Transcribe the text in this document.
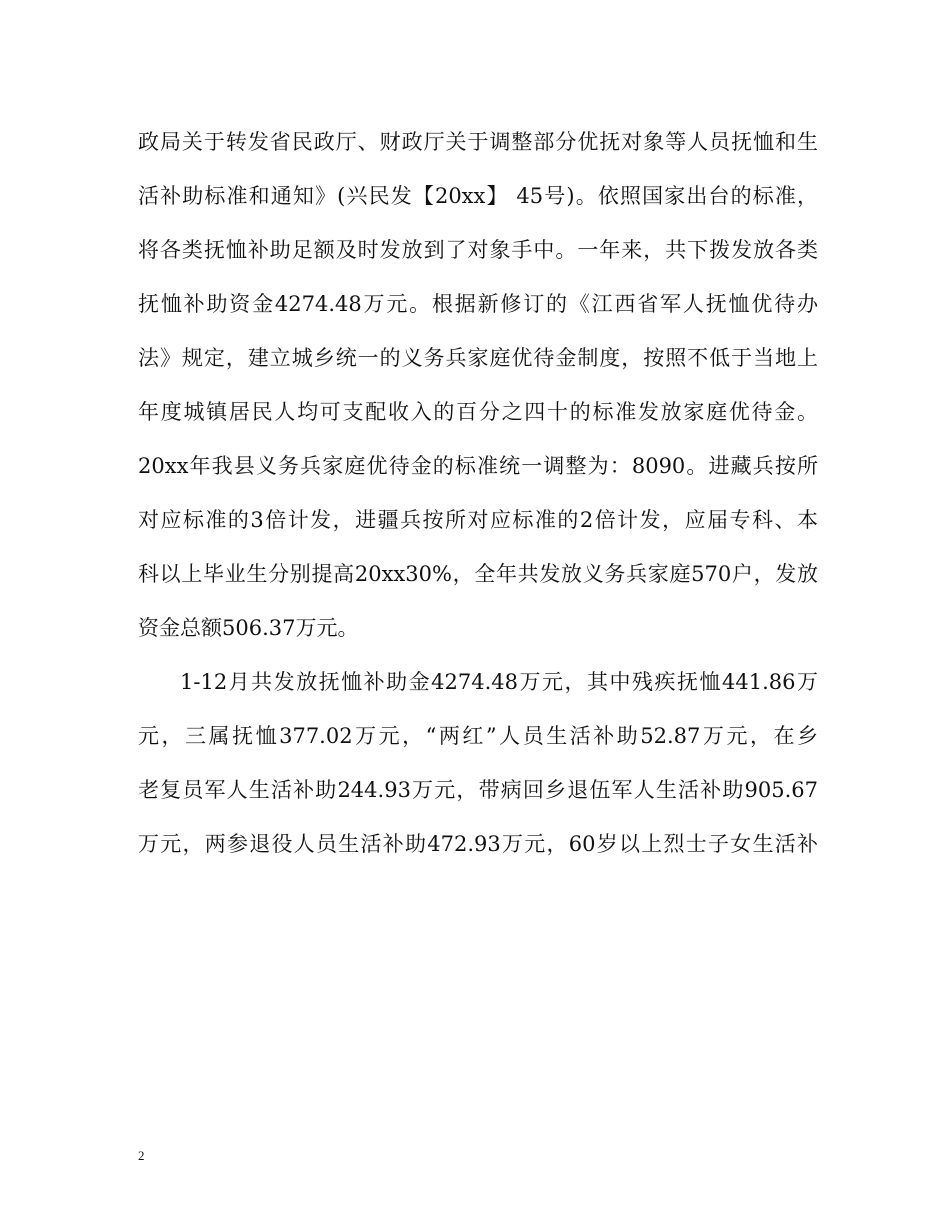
政局关于转发省民政厅、财政厅关于调整部分优抚对象等人员抚恤和生
活补助标准和通知》(兴民发【20xx】 45号)。依照国家出台的标准，
将各类抚恤补助足额及时发放到了对象手中。一年来，共下拨发放各类
抚恤补助资金4274.48万元。根据新修订的《江西省军人抚恤优待办
法》规定，建立城乡统一的义务兵家庭优待金制度，按照不低于当地上
年度城镇居民人均可支配收入的百分之四十的标准发放家庭优待金。
20xx年我县义务兵家庭优待金的标准统一调整为：8090。进藏兵按所
对应标准的3倍计发，进疆兵按所对应标准的2倍计发，应届专科、本
科以上毕业生分别提高20xx30%，全年共发放义务兵家庭570户，发放
资金总额506.37万元。
1-12月共发放抚恤补助金4274.48万元，其中残疾抚恤441.86万
元，三属抚恤377.02万元，“两红”人员生活补助52.87万元，在乡
老复员军人生活补助244.93万元，带病回乡退伍军人生活补助905.67
万元，两参退役人员生活补助472.93万元，60岁以上烈士子女生活补
2
